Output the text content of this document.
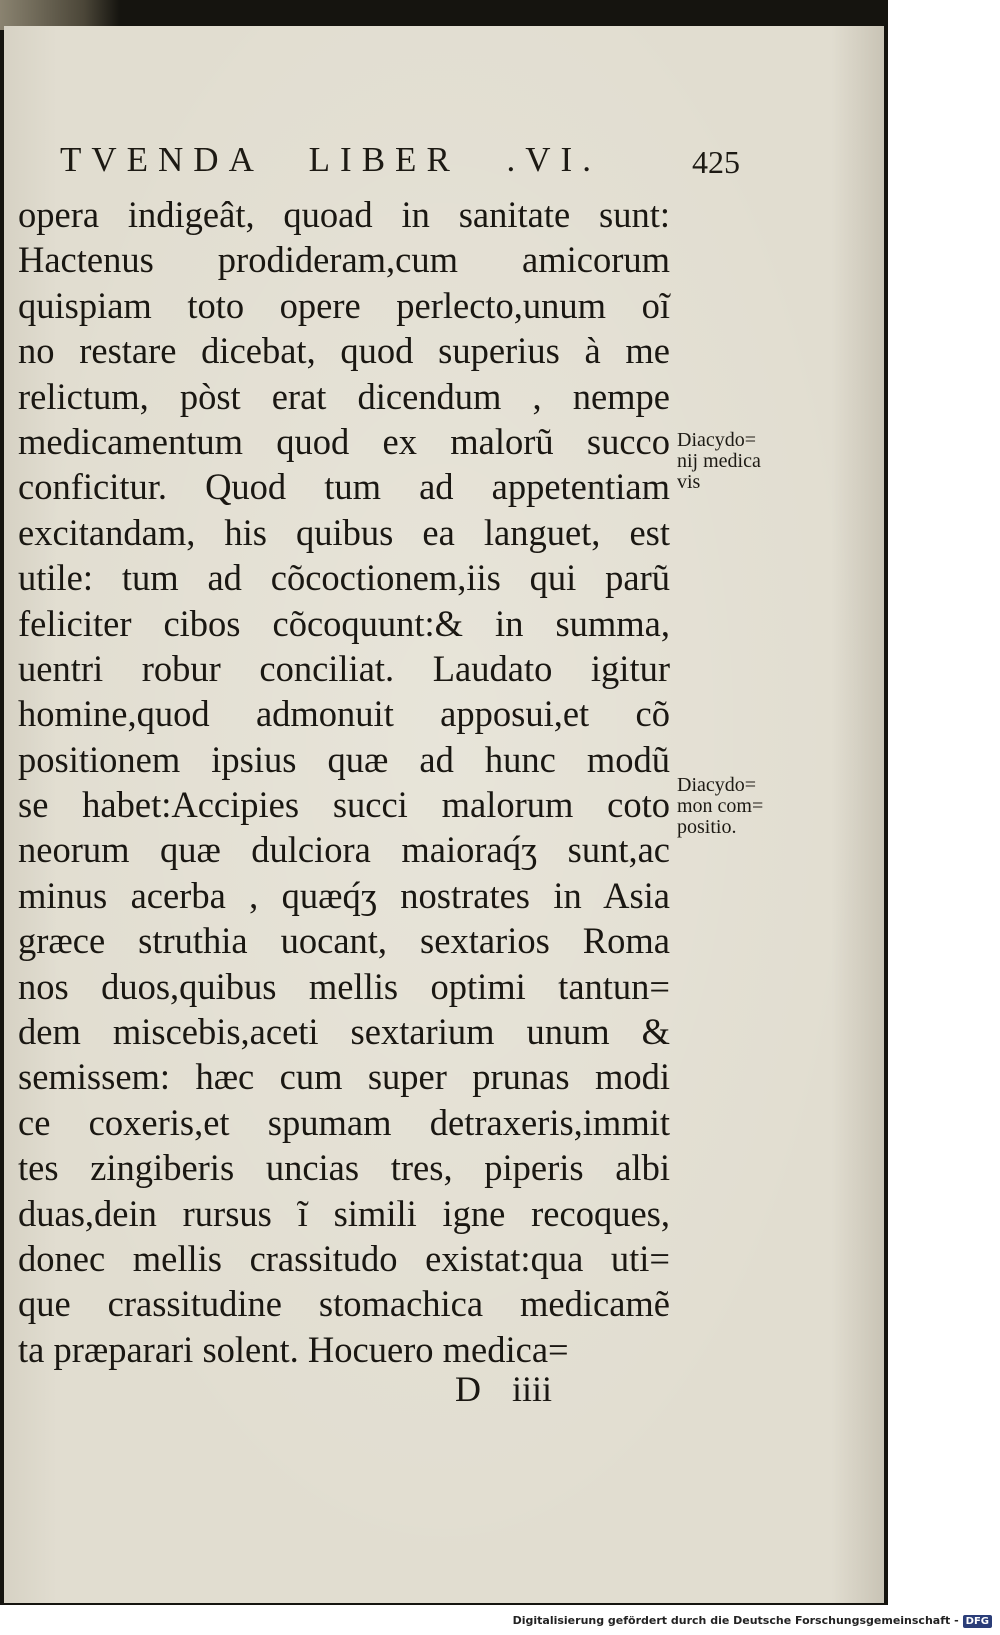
TVENDA LIBER .VI.	425
opera indigeât, quoad in sanitate sunt:
Hactenus prodideram,cum amicorum
quispiam toto opere perlecto,unum oĩ
no restare dicebat, quod superius à me
relictum, pòst erat dicendum , nempe
medicamentum quod ex malorũ succo
conficitur. Quod tum ad appetentiam
excitandam, his quibus ea languet, est
utile: tum ad cõcoctionem,iis qui parũ
feliciter cibos cõcoquunt:& in summa,
uentri robur conciliat. Laudato igitur
homine,quod admonuit apposui,et cõ
positionem ipsius quæ ad hunc modũ
se habet:Accipies succi malorum coto
neorum quæ dulciora maioraq́ʒ sunt,ac
minus acerba , quæq́ʒ nostrates in Asia
græce struthia uocant, sextarios Roma
nos duos,quibus mellis optimi tantun=
dem miscebis,aceti sextarium unum &
semissem: hæc cum super prunas modi
ce coxeris,et spumam detraxeris,immit
tes zingiberis uncias tres, piperis albi
duas,dein rursus ĩ simili igne recoques,
donec mellis crassitudo existat:qua uti=
que crassitudine stomachica medicamẽ
ta præparari solent. Hocuero medica=
Diacydo=
nij medica
vis
Diacydo=
mon com=
positio.
D iiii
Digitalisierung gefördert durch die Deutsche Forschungsgemeinschaft - DFG
